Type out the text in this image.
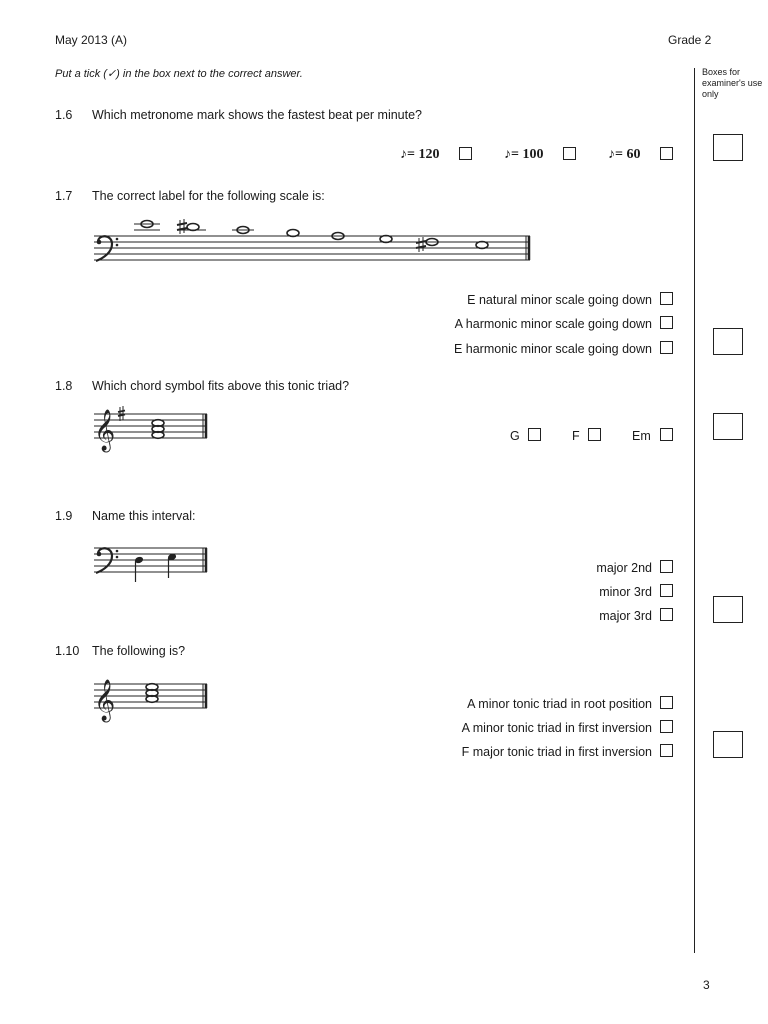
May 2013 (A)	Grade 2
Put a tick (✓) in the box next to the correct answer.	Boxes for examiner's use only
1.6 Which metronome mark shows the fastest beat per minute?
♪= 120	♪= 100	♪= 60
1.7 The correct label for the following scale is:
E natural minor scale going down
A harmonic minor scale going down
E harmonic minor scale going down
1.8 Which chord symbol fits above this tonic triad?
𝄞	G	F	Em
1.9 Name this interval:
major 2nd
minor 3rd
major 3rd
1.10 The following is?
𝄞	A minor tonic triad in root position
A minor tonic triad in first inversion
F major tonic triad in first inversion
3
